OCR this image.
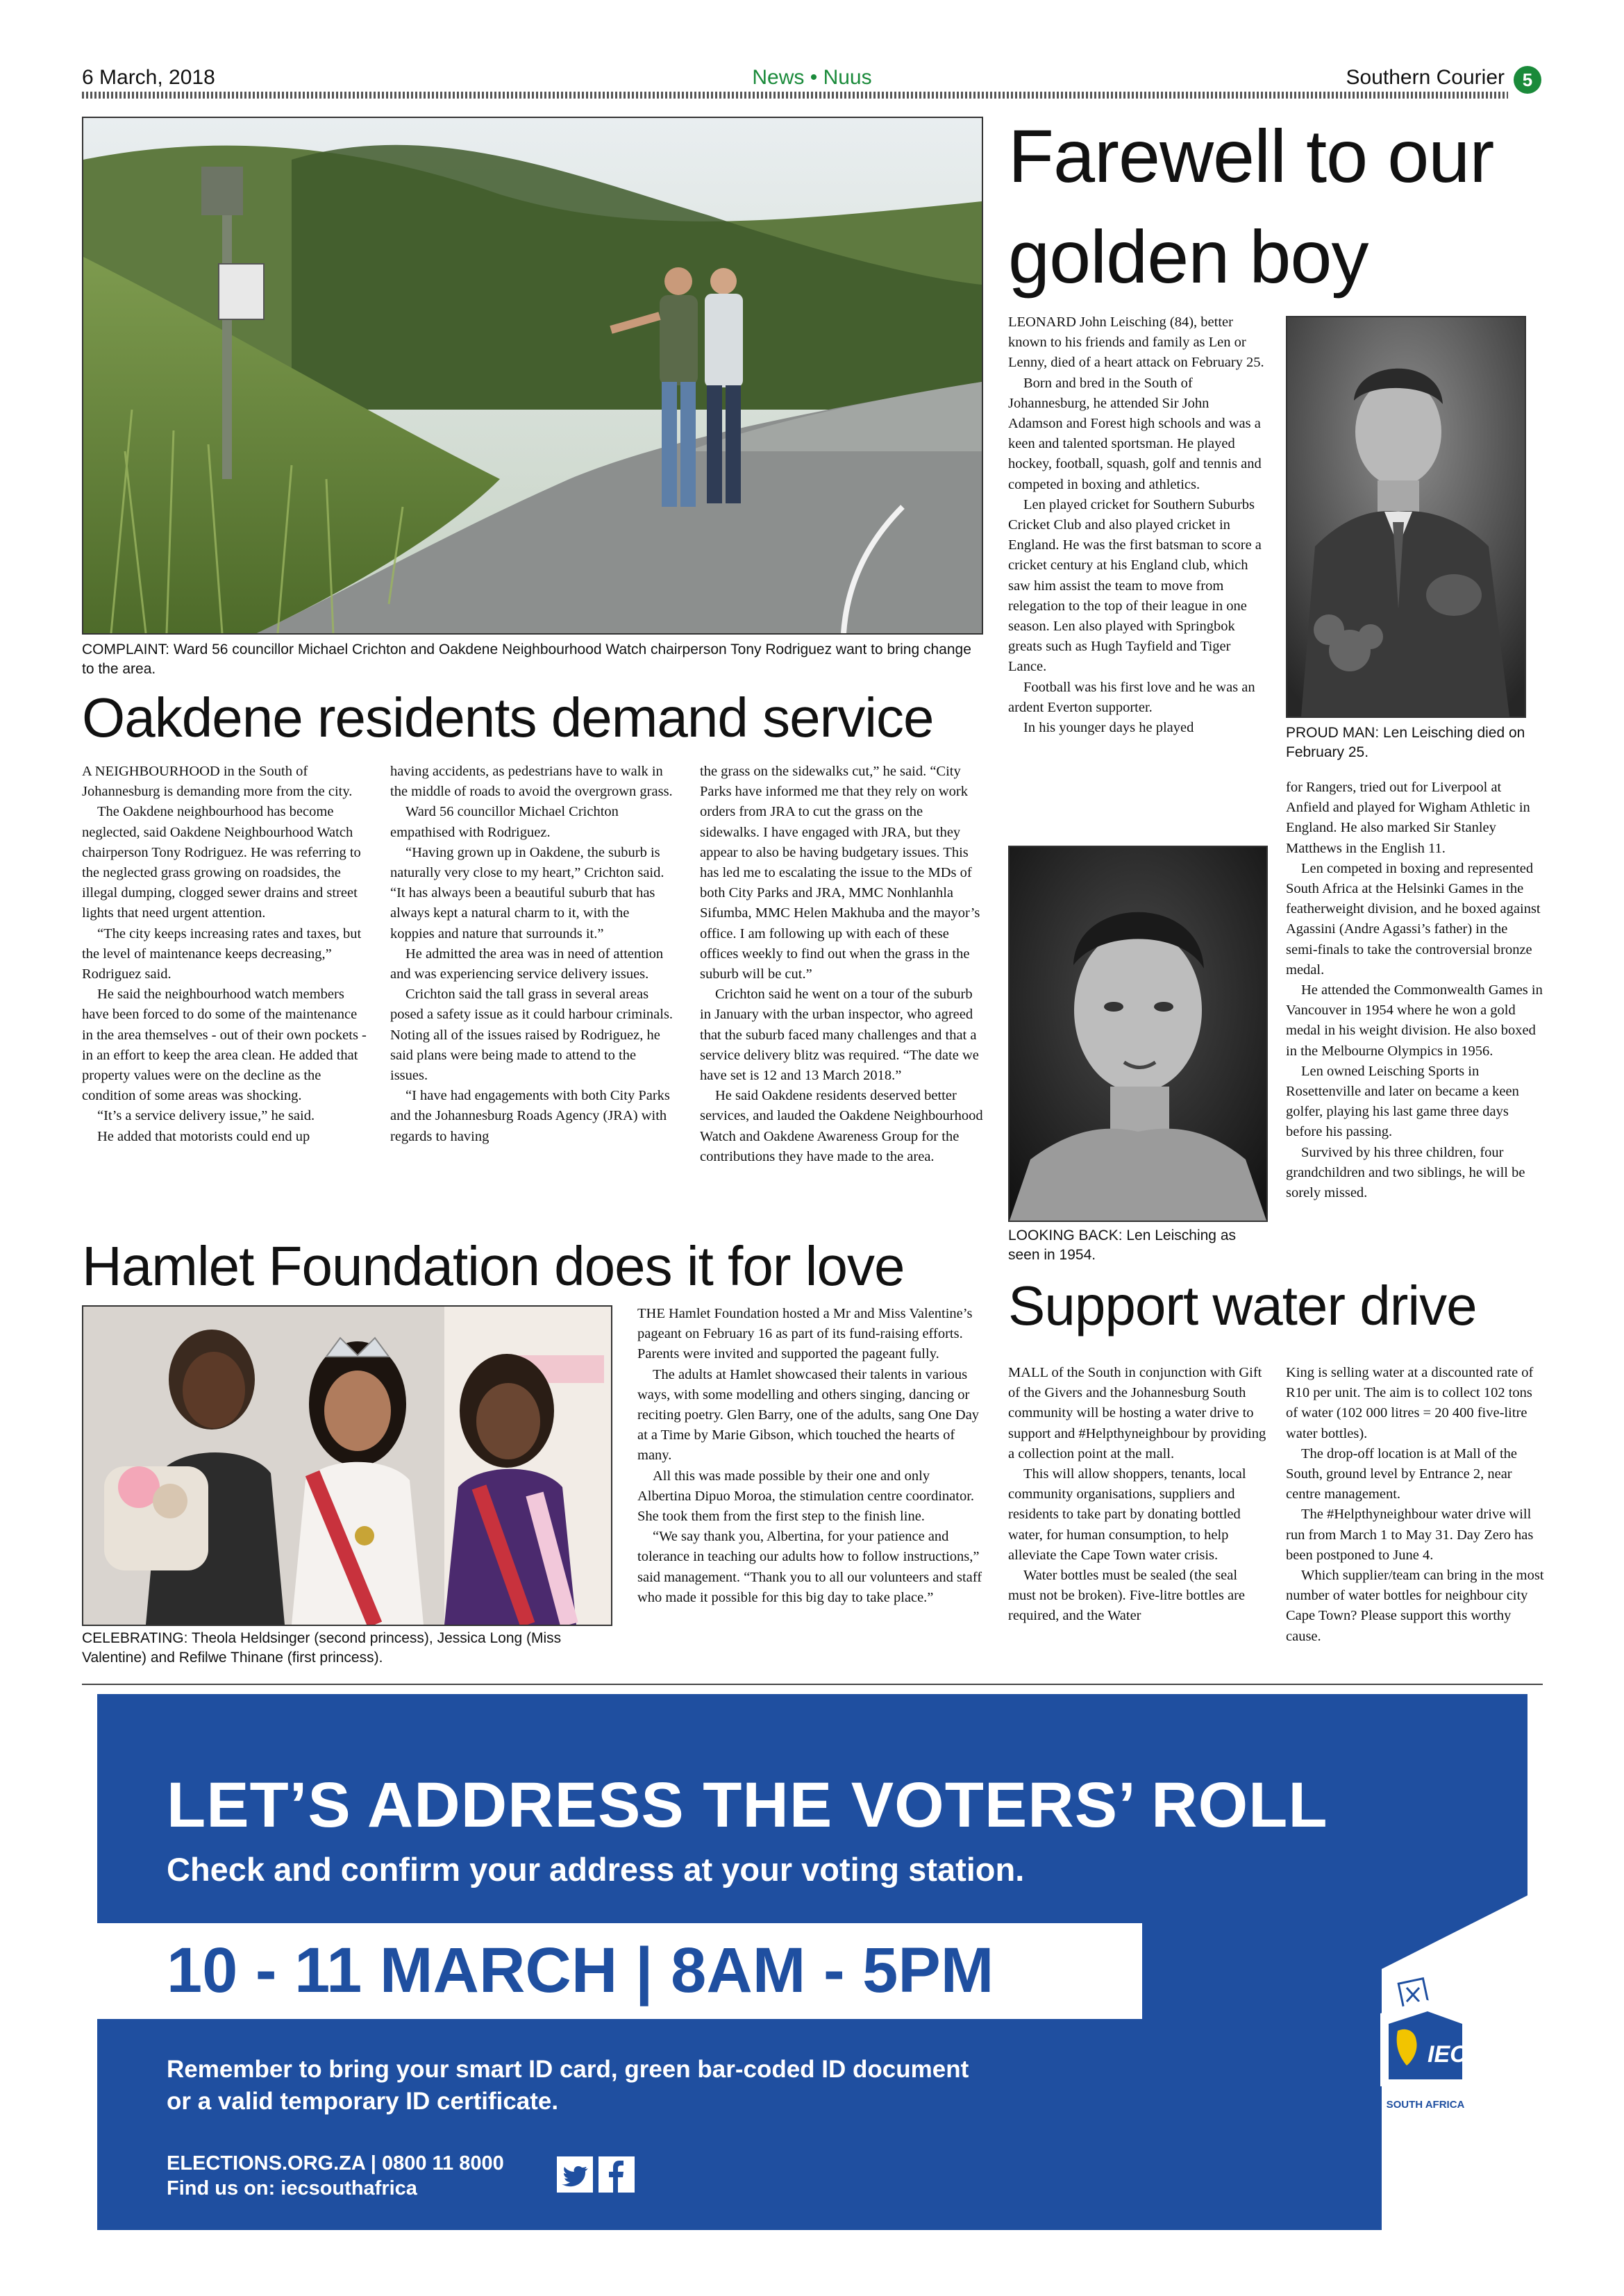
6 March, 2018	News • Nuus	Southern Courier 5
COMPLAINT: Ward 56 councillor Michael Crichton and Oakdene Neighbourhood Watch chairperson Tony Rodriguez want to bring change to the area.
Oakdene residents demand service

A NEIGHBOURHOOD in the South of Johannesburg is demanding more from the city.

The Oakdene neighbourhood has become neglected, said Oakdene Neighbourhood Watch chairperson Tony Rodriguez. He was referring to the neglected grass growing on roadsides, the illegal dumping, clogged sewer drains and street lights that need urgent attention.

“The city keeps increasing rates and taxes, but the level of maintenance keeps decreasing,” Rodriguez said.

He said the neighbourhood watch members have been forced to do some of the maintenance in the area themselves - out of their own pockets - in an effort to keep the area clean. He added that property values were on the decline as the condition of some areas was shocking.

“It’s a service delivery issue,” he said.

He added that motorists could end up

having accidents, as pedestrians have to walk in the middle of roads to avoid the overgrown grass.

Ward 56 councillor Michael Crichton empathised with Rodriguez.

“Having grown up in Oakdene, the suburb is naturally very close to my heart,” Crichton said. “It has always been a beautiful suburb that has always kept a natural charm to it, with the koppies and nature that surrounds it.”

He admitted the area was in need of attention and was experiencing service delivery issues.

Crichton said the tall grass in several areas posed a safety issue as it could harbour criminals. Noting all of the issues raised by Rodriguez, he said plans were being made to attend to the issues.

“I have had engagements with both City Parks and the Johannesburg Roads Agency (JRA) with regards to having

the grass on the sidewalks cut,” he said. “City Parks have informed me that they rely on work orders from JRA to cut the grass on the sidewalks. I have engaged with JRA, but they appear to also be having budgetary issues. This has led me to escalating the issue to the MDs of both City Parks and JRA, MMC Nonhlanhla Sifumba, MMC Helen Makhuba and the mayor’s office. I am following up with each of these offices weekly to find out when the grass in the suburb will be cut.”

Crichton said he went on a tour of the suburb in January with the urban inspector, who agreed that the suburb faced many challenges and that a service delivery blitz was required. “The date we have set is 12 and 13 March 2018.”

He said Oakdene residents deserved better services, and lauded the Oakdene Neighbourhood Watch and Oakdene Awareness Group for the contributions they have made to the area.

Farewell to our
golden boy

LEONARD John Leisching (84), better known to his friends and family as Len or Lenny, died of a heart attack on February 25.

Born and bred in the South of Johannesburg, he attended Sir John Adamson and Forest high schools and was a keen and talented sportsman. He played hockey, football, squash, golf and tennis and competed in boxing and athletics.

Len played cricket for Southern Suburbs Cricket Club and also played cricket in England. He was the first batsman to score a cricket century at his England club, which saw him assist the team to move from relegation to the top of their league in one season. Len also played with Springbok greats such as Hugh Tayfield and Tiger Lance.

Football was his first love and he was an ardent Everton supporter.

In his younger days he played	PROUD MAN: Len Leisching died on February 25.
LOOKING BACK: Len Leisching as seen in 1954.

for Rangers, tried out for Liverpool at Anfield and played for Wigham Athletic in England. He also marked Sir Stanley Matthews in the English 11.

Len competed in boxing and represented South Africa at the Helsinki Games in the featherweight division, and he boxed against Agassini (Andre Agassi’s father) in the semi-finals to take the controversial bronze medal.

He attended the Commonwealth Games in Vancouver in 1954 where he won a gold medal in his weight division. He also boxed in the Melbourne Olympics in 1956.

Len owned Leisching Sports in Rosettenville and later on became a keen golfer, playing his last game three days before his passing.

Survived by his three children, four grandchildren and two siblings, he will be sorely missed.

Hamlet Foundation does it for love
CELEBRATING: Theola Heldsinger (second princess), Jessica Long (Miss Valentine) and Refilwe Thinane (first princess).

THE Hamlet Foundation hosted a Mr and Miss Valentine’s pageant on February 16 as part of its fund-raising efforts. Parents were invited and supported the pageant fully.

The adults at Hamlet showcased their talents in various ways, with some modelling and others singing, dancing or reciting poetry. Glen Barry, one of the adults, sang One Day at a Time by Marie Gibson, which touched the hearts of many.

All this was made possible by their one and only Albertina Dipuo Moroa, the stimulation centre coordinator. She took them from the first step to the finish line.

“We say thank you, Albertina, for your patience and tolerance in teaching our adults how to follow instructions,” said management. “Thank you to all our volunteers and staff who made it possible for this big day to take place.”

Support water drive

MALL of the South in conjunction with Gift of the Givers and the Johannesburg South community will be hosting a water drive to support and #Helpthyneighbour by providing a collection point at the mall.

This will allow shoppers, tenants, local community organisations, suppliers and residents to take part by donating bottled water, for human consumption, to help alleviate the Cape Town water crisis.

Water bottles must be sealed (the seal must not be broken). Five-litre bottles are required, and the Water

King is selling water at a discounted rate of R10 per unit. The aim is to collect 102 tons of water (102 000 litres = 20 400 five-litre water bottles).

The drop-off location is at Mall of the South, ground level by Entrance 2, near centre management.

The #Helpthyneighbour water drive will run from March 1 to May 31. Day Zero has been postponed to June 4.

Which supplier/team can bring in the most number of water bottles for neighbour city Cape Town? Please support this worthy cause.

LET’S ADDRESS THE VOTERS’ ROLL
Check and confirm your address at your voting station.
10 - 11 MARCH | 8AM - 5PM
Remember to bring your smart ID card, green bar-coded ID document
or a valid temporary ID certificate.
ELECTIONS.ORG.ZA | 0800 11 8000
Find us on: iecsouthafrica
IEC
SOUTH AFRICA
